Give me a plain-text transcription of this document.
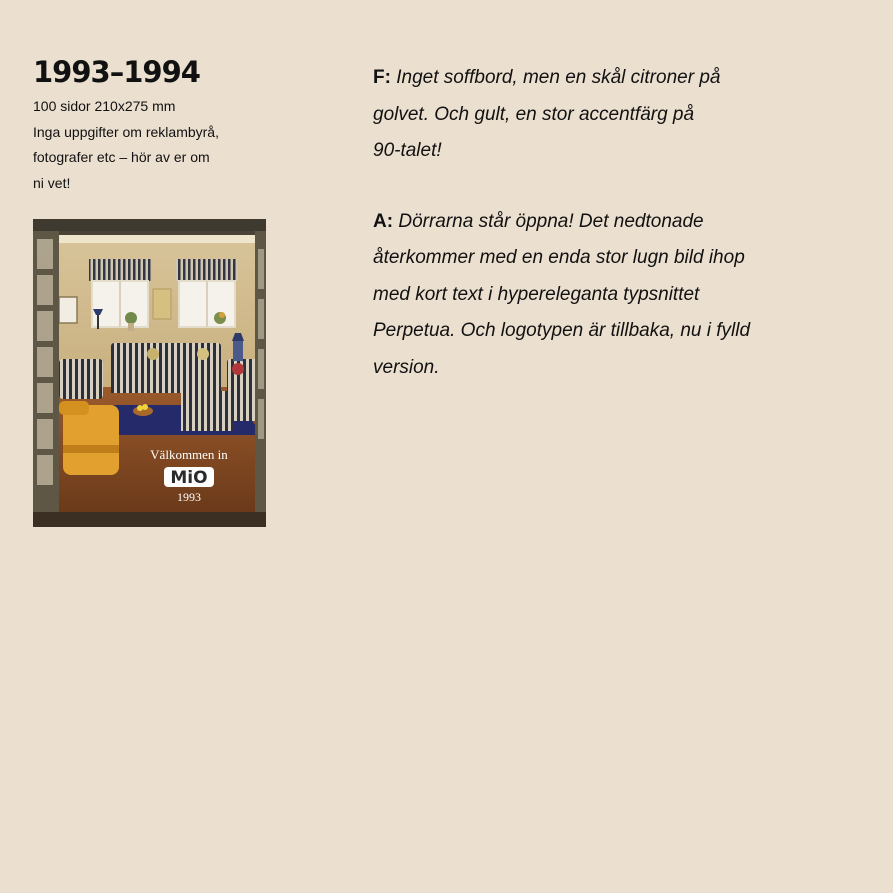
1993–1994
100 sidor 210x275 mm
Inga uppgifter om reklambyrå,
fotografer etc – hör av er om
ni vet!
Välkommen in
MiO
1993
F: Inget soffbord, men en skål citroner på
golvet. Och gult, en stor accentfärg på
90-talet!
A: Dörrarna står öppna! Det nedtonade
återkommer med en enda stor lugn bild ihop
med kort text i hypereleganta typsnittet
Perpetua. Och logotypen är tillbaka, nu i fylld
version.
